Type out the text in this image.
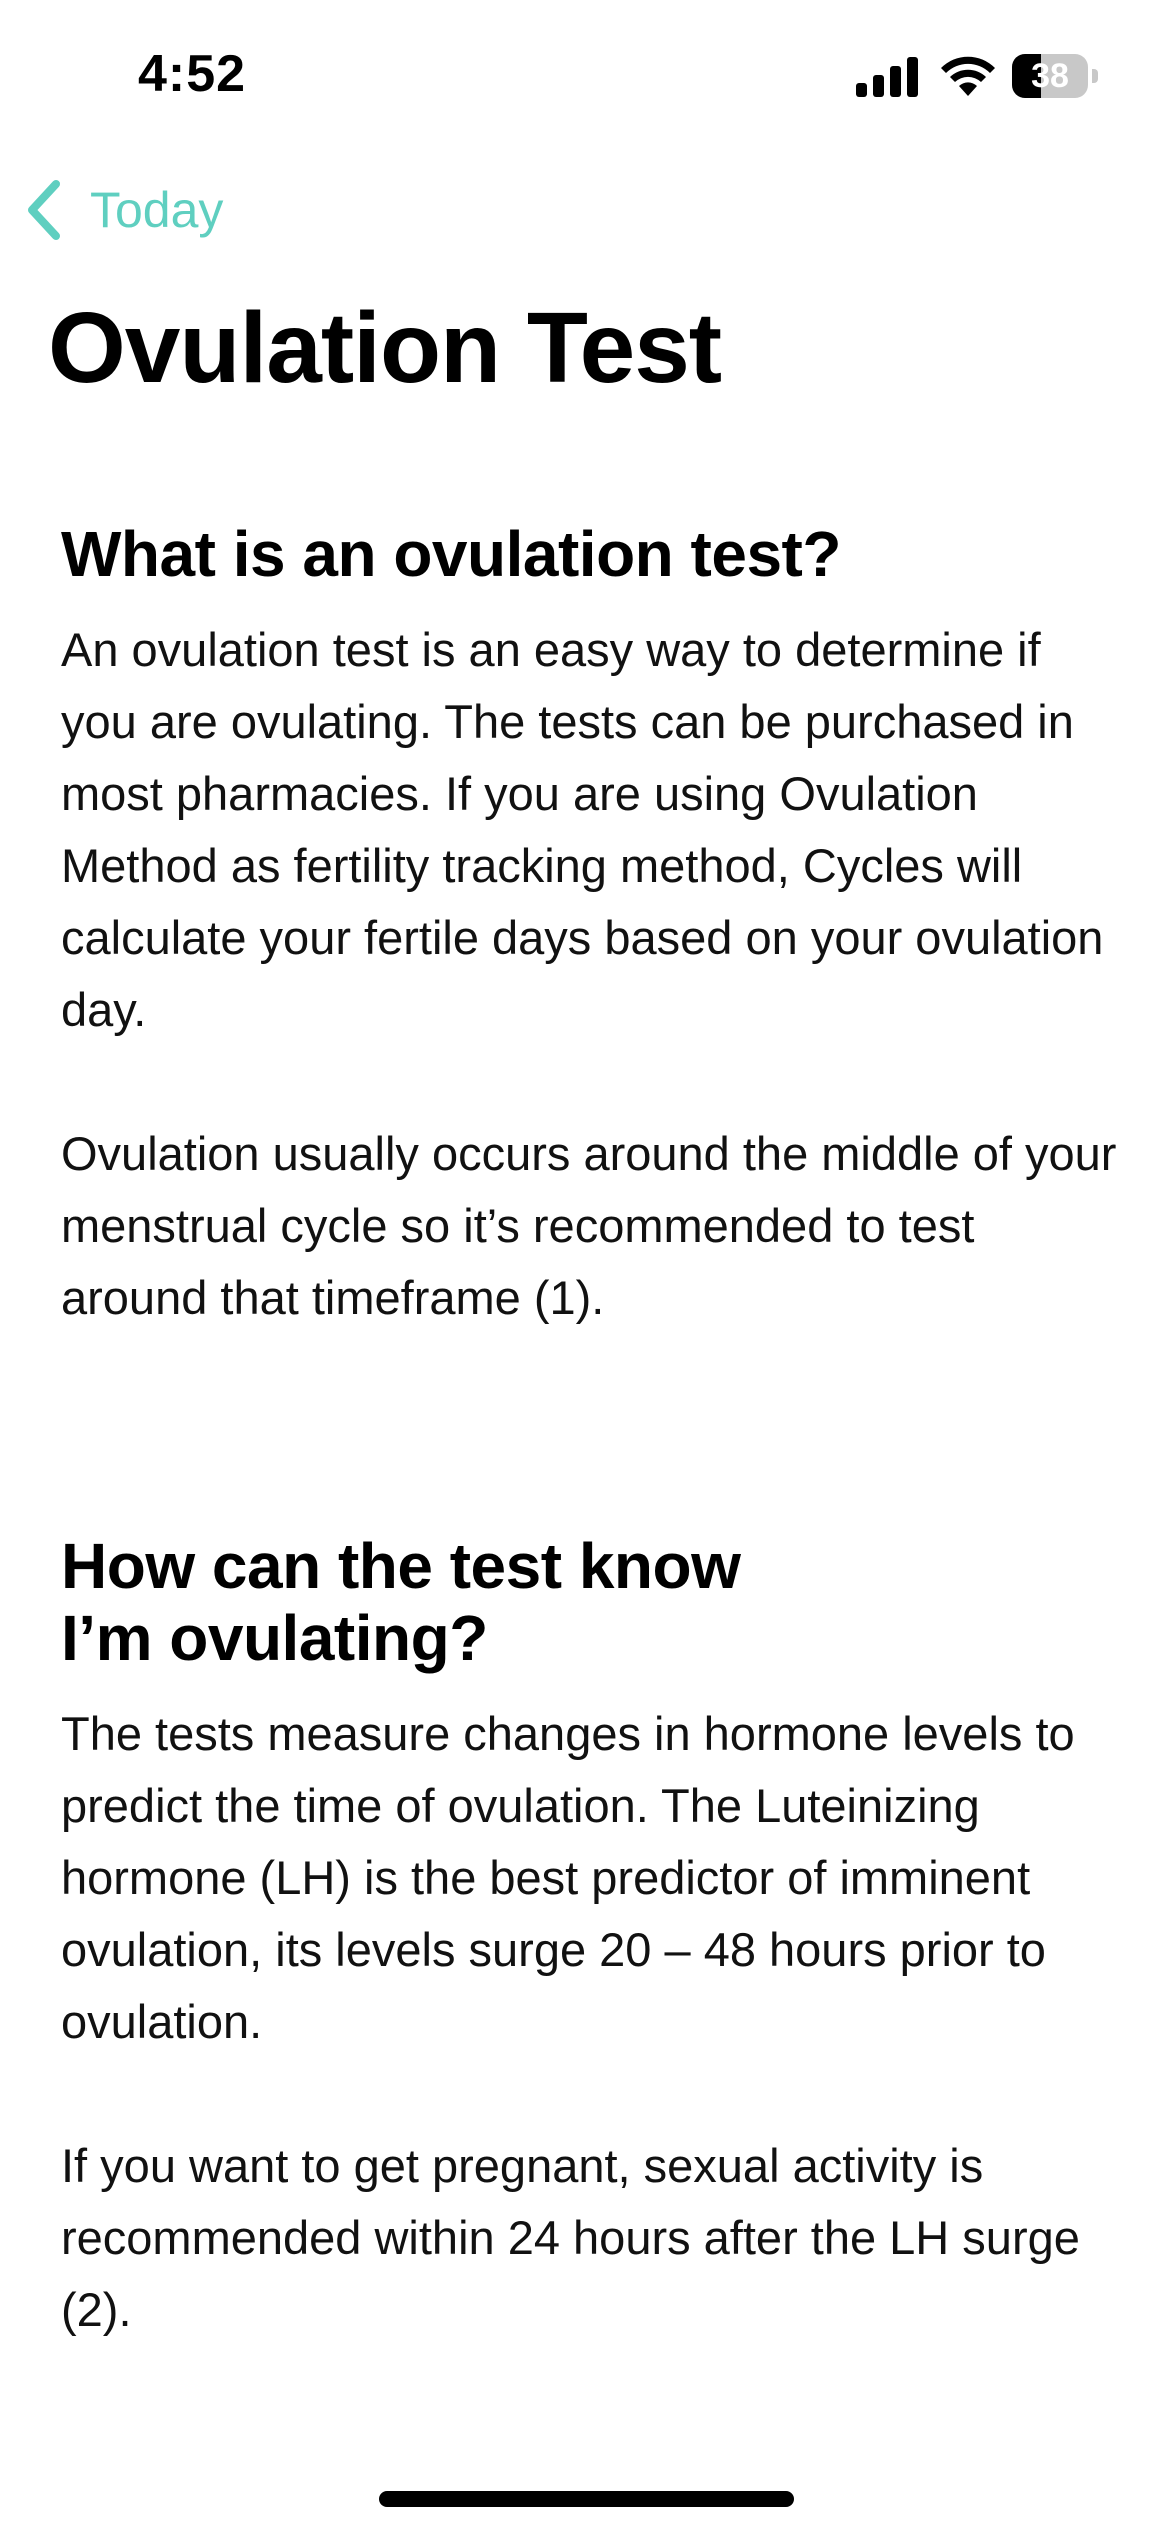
4:52	38
Today
Ovulation Test
What is an ovulation test?

An ovulation test is an easy way to determine if you are ovulating. The tests can be purchased in most pharmacies. If you are using Ovulation Method as fertility tracking method, Cycles will calculate your fertile days based on your ovulation day.

Ovulation usually occurs around the middle of your menstrual cycle so it’s recommended to test around that timeframe (1).

How can the test know I’m ovulating?

The tests measure changes in hormone levels to predict the time of ovulation. The Luteinizing hormone (LH) is the best predictor of imminent ovulation, its levels surge 20 – 48 hours prior to ovulation.

If you want to get pregnant, sexual activity is recommended within 24 hours after the LH surge (2).
